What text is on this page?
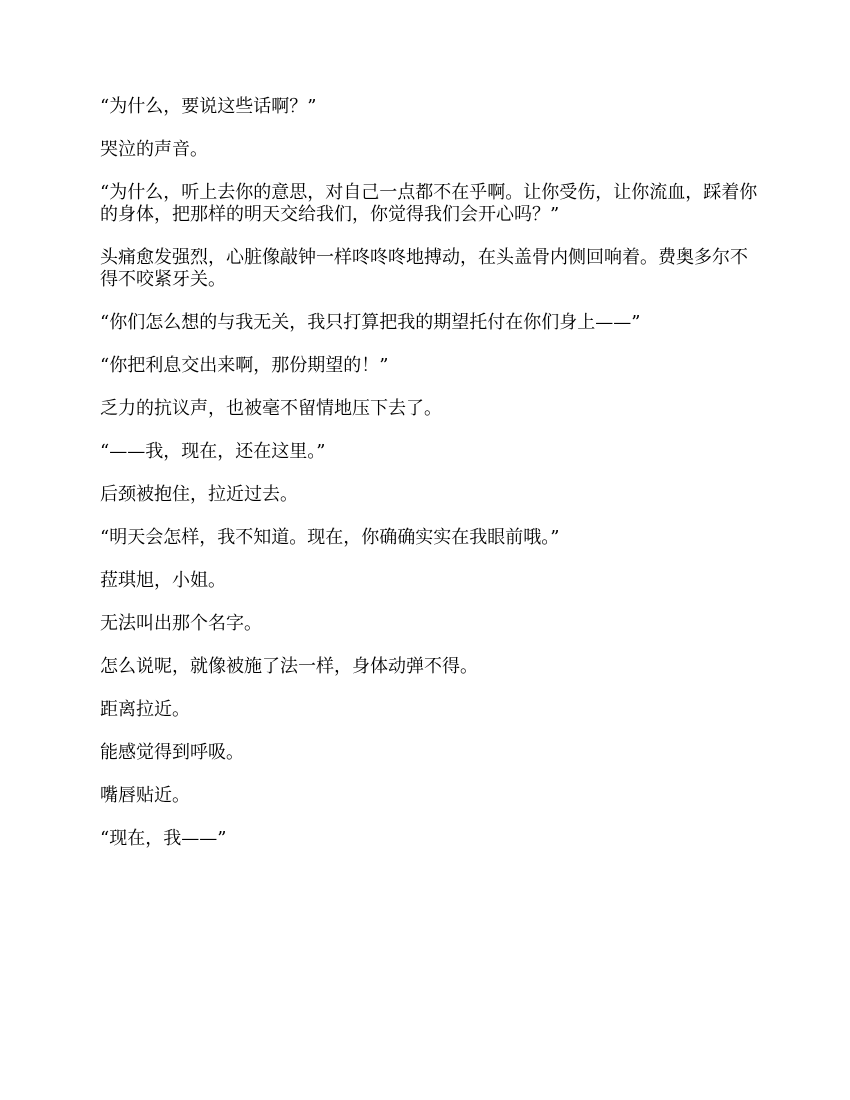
“为什么，要说这些话啊？”

哭泣的声音。

“为什么，听上去你的意思，对自己一点都不在乎啊。让你受伤，让你流血，踩着你的身体，把那样的明天交给我们，你觉得我们会开心吗？”

头痛愈发强烈，心脏像敲钟一样咚咚咚地搏动，在头盖骨内侧回响着。费奥多尔不得不咬紧牙关。

“你们怎么想的与我无关，我只打算把我的期望托付在你们身上——”

“你把利息交出来啊，那份期望的！”

乏力的抗议声，也被毫不留情地压下去了。

“——我，现在，还在这里。”

后颈被抱住，拉近过去。

“明天会怎样，我不知道。现在，你确确实实在我眼前哦。”

菈琪旭，小姐。

无法叫出那个名字。

怎么说呢，就像被施了法一样，身体动弹不得。

距离拉近。

能感觉得到呼吸。

嘴唇贴近。

“现在，我——”
